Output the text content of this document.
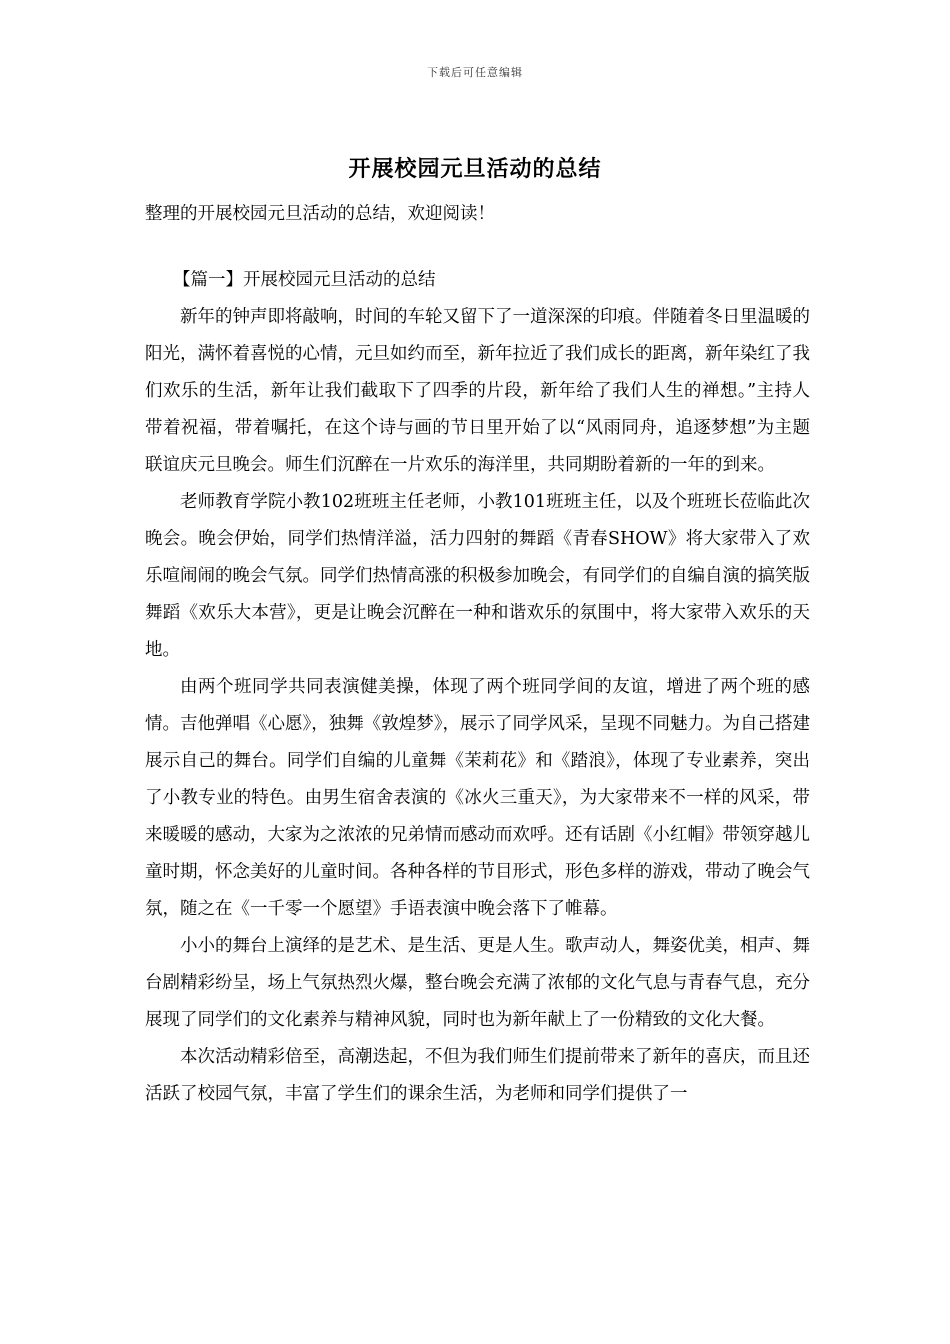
下载后可任意编辑
开展校园元旦活动的总结

整理的开展校园元旦活动的总结，欢迎阅读！

【篇一】开展校园元旦活动的总结

新年的钟声即将敲响，时间的车轮又留下了一道深深的印痕。伴随着冬日里温暖的阳光，满怀着喜悦的心情，元旦如约而至，新年拉近了我们成长的距离，新年染红了我们欢乐的生活，新年让我们截取下了四季的片段，新年给了我们人生的禅想。”主持人带着祝福，带着嘱托，在这个诗与画的节日里开始了以“风雨同舟，追逐梦想”为主题联谊庆元旦晚会。师生们沉醉在一片欢乐的海洋里，共同期盼着新的一年的到来。

老师教育学院小教102班班主任老师，小教101班班主任，以及个班班长莅临此次晚会。晚会伊始，同学们热情洋溢，活力四射的舞蹈《青春SHOW》将大家带入了欢乐喧闹闹的晚会气氛。同学们热情高涨的积极参加晚会，有同学们的自编自演的搞笑版舞蹈《欢乐大本营》，更是让晚会沉醉在一种和谐欢乐的氛围中，将大家带入欢乐的天地。

由两个班同学共同表演健美操，体现了两个班同学间的友谊，增进了两个班的感情。吉他弹唱《心愿》，独舞《敦煌梦》，展示了同学风采，呈现不同魅力。为自己搭建展示自己的舞台。同学们自编的儿童舞《茉莉花》和《踏浪》，体现了专业素养，突出了小教专业的特色。由男生宿舍表演的《冰火三重天》，为大家带来不一样的风采，带来暖暖的感动，大家为之浓浓的兄弟情而感动而欢呼。还有话剧《小红帽》带领穿越儿童时期，怀念美好的儿童时间。各种各样的节目形式，形色多样的游戏，带动了晚会气氛，随之在《一千零一个愿望》手语表演中晚会落下了帷幕。

小小的舞台上演绎的是艺术、是生活、更是人生。歌声动人，舞姿优美，相声、舞台剧精彩纷呈，场上气氛热烈火爆，整台晚会充满了浓郁的文化气息与青春气息，充分展现了同学们的文化素养与精神风貌，同时也为新年献上了一份精致的文化大餐。

本次活动精彩倍至，高潮迭起，不但为我们师生们提前带来了新年的喜庆，而且还活跃了校园气氛，丰富了学生们的课余生活，为老师和同学们提供了一
